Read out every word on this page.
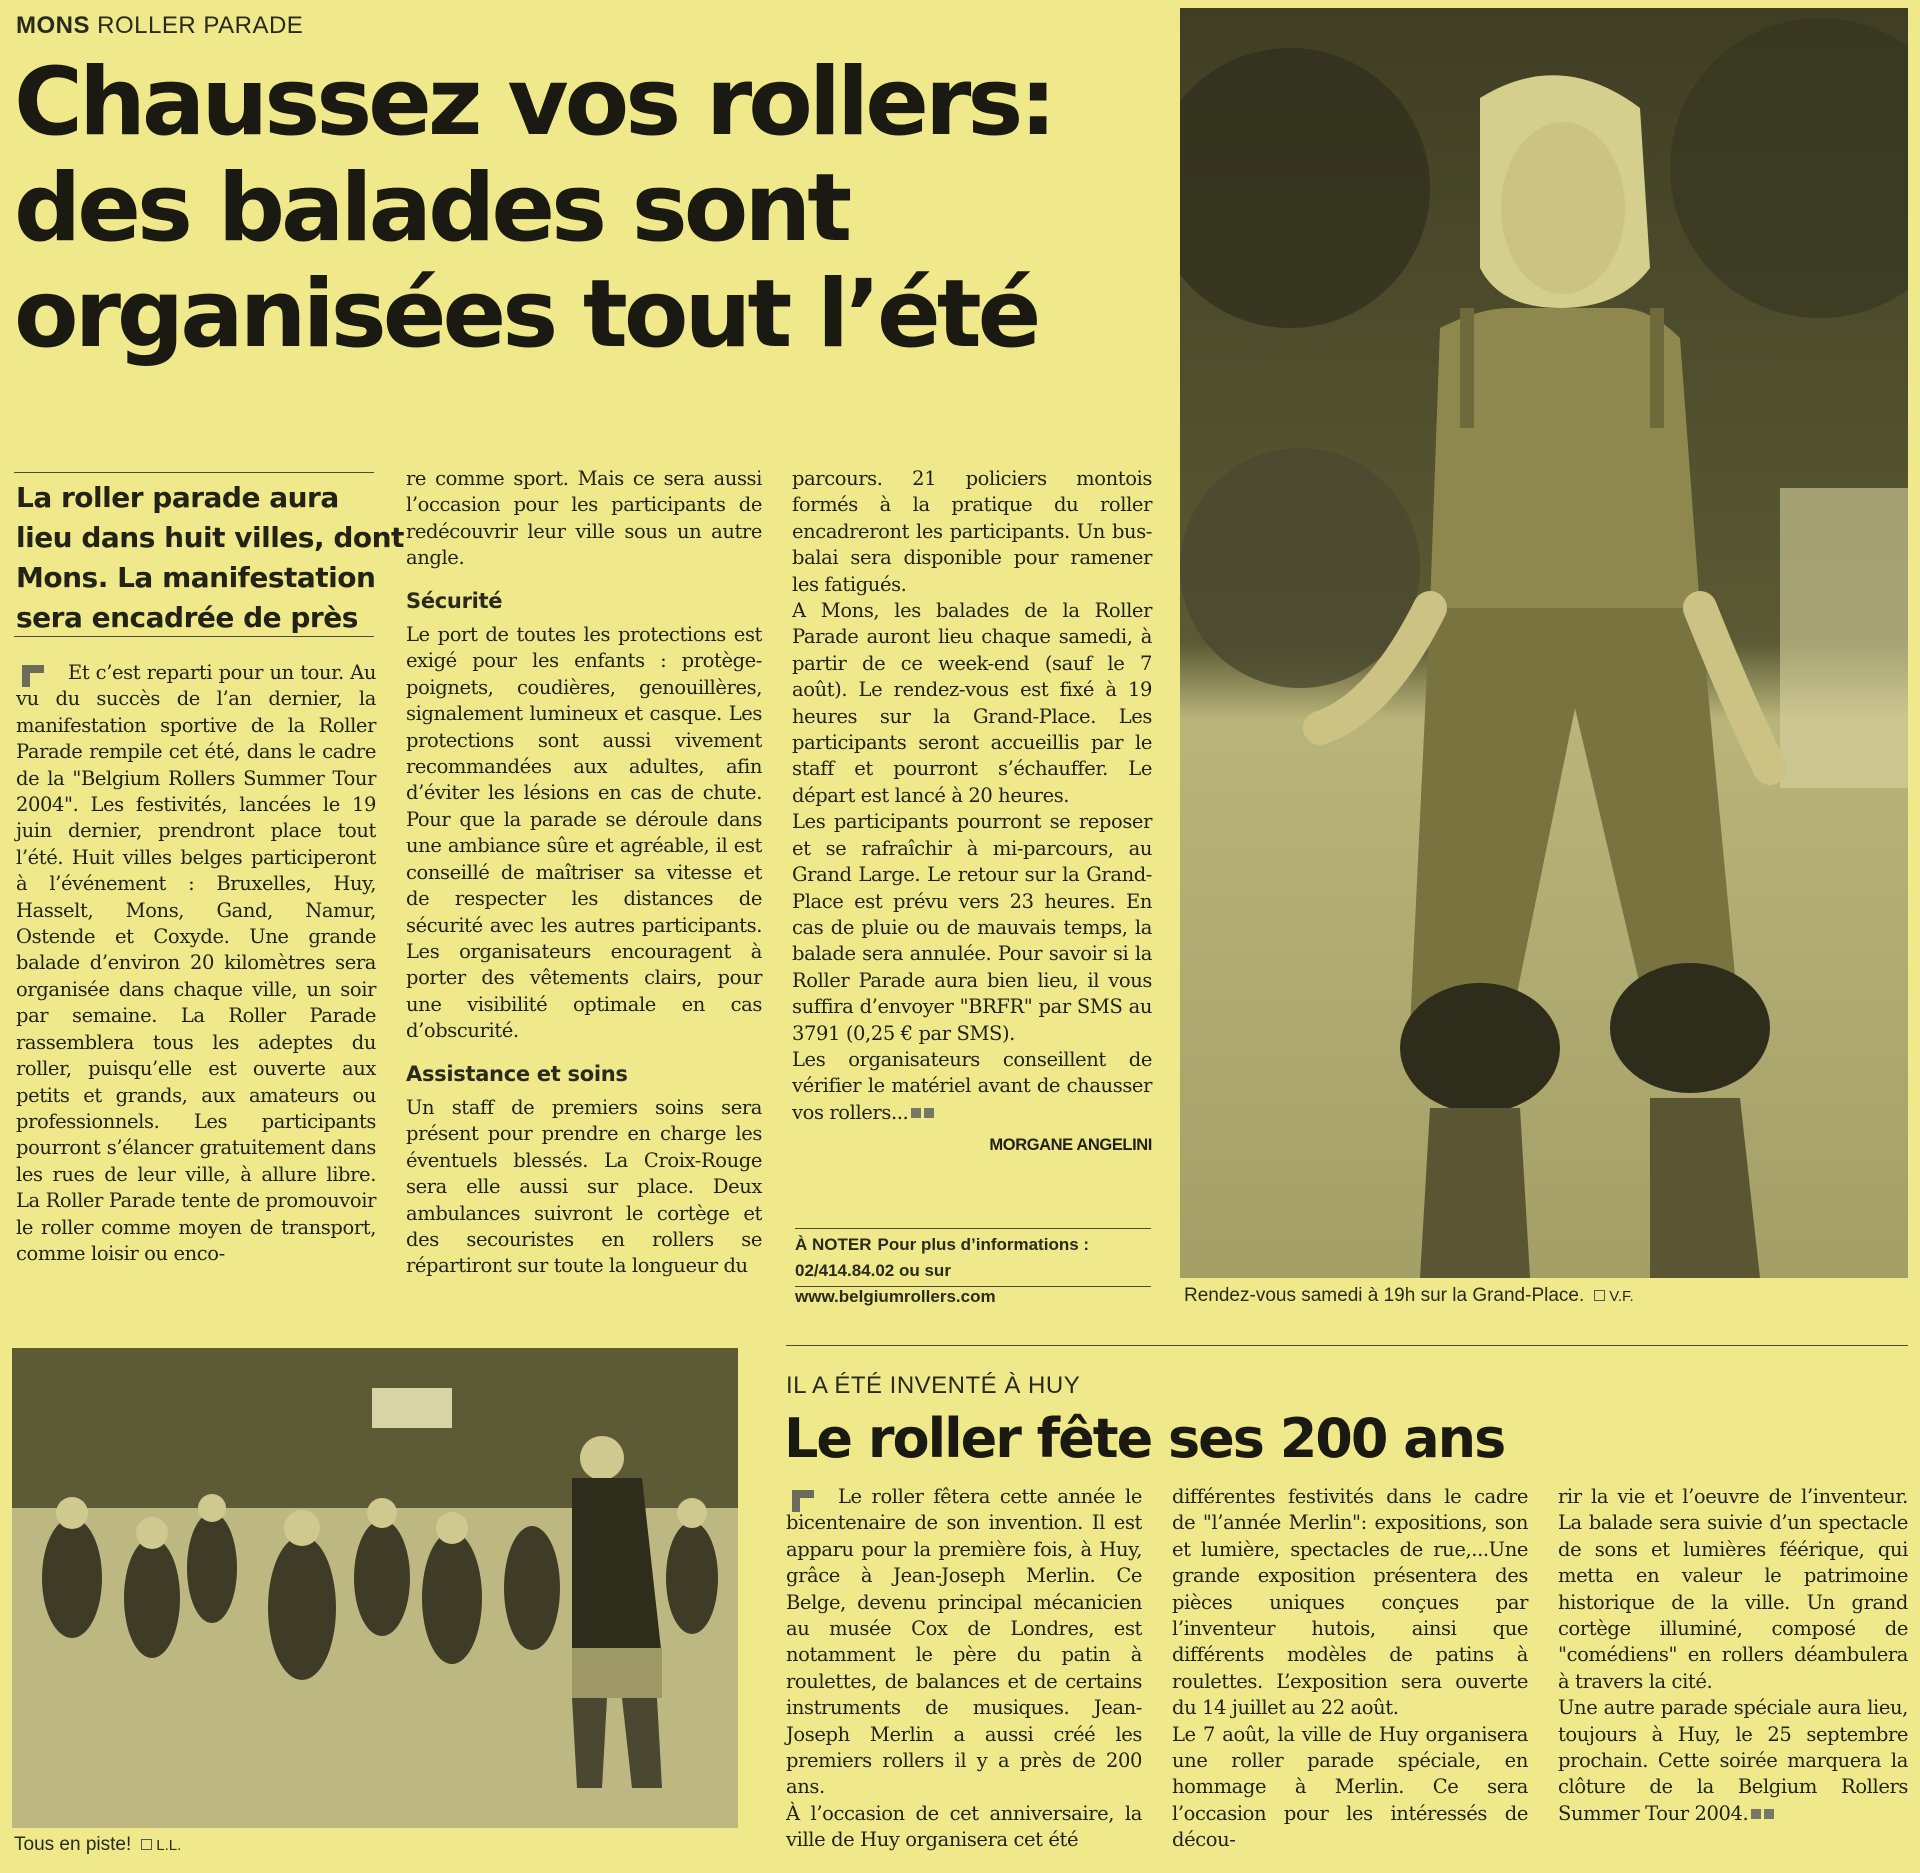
MONS ROLLER PARADE
Chaussez vos rollers:
des balades sont
organisées tout l’été
La roller parade aura
lieu dans huit villes, dont
Mons. La manifestation
sera encadrée de près

Et c’est reparti pour un tour. Au vu du succès de l’an dernier, la manifestation sportive de la Roller Parade rempile cet été, dans le cadre de la "Belgium Rollers Summer Tour 2004". Les festivités, lancées le 19 juin dernier, prendront place tout l’été. Huit villes belges participeront à l’événement : Bruxelles, Huy, Hasselt, Mons, Gand, Namur, Ostende et Coxyde. Une grande balade d’environ 20 kilomètres sera organisée dans chaque ville, un soir par semaine. La Roller Parade rassemblera tous les adeptes du roller, puisqu’elle est ouverte aux petits et grands, aux amateurs ou professionnels. Les participants pourront s’élancer gratuitement dans les rues de leur ville, à allure libre. La Roller Parade tente de promouvoir le roller comme moyen de transport, comme loisir ou enco-

re comme sport. Mais ce sera aussi l’occasion pour les participants de redécouvrir leur ville sous un autre angle.

Sécurité

Le port de toutes les protections est exigé pour les enfants : protège-poignets, coudières, genouillères, signalement lumineux et casque. Les protections sont aussi vivement recommandées aux adultes, afin d’éviter les lésions en cas de chute. Pour que la parade se déroule dans une ambiance sûre et agréable, il est conseillé de maîtriser sa vitesse et de respecter les distances de sécurité avec les autres participants. Les organisateurs encouragent à porter des vêtements clairs, pour une visibilité optimale en cas d’obscurité.

Assistance et soins

Un staff de premiers soins sera présent pour prendre en charge les éventuels blessés. La Croix-Rouge sera elle aussi sur place. Deux ambulances suivront le cortège et des secouristes en rollers se répartiront sur toute la longueur du

parcours. 21 policiers montois formés à la pratique du roller encadreront les participants. Un bus-balai sera disponible pour ramener les fatigués.

A Mons, les balades de la Roller Parade auront lieu chaque samedi, à partir de ce week-end (sauf le 7 août). Le rendez-vous est fixé à 19 heures sur la Grand-Place. Les participants seront accueillis par le staff et pourront s’échauffer. Le départ est lancé à 20 heures.

Les participants pourront se reposer et se rafraîchir à mi-parcours, au Grand Large. Le retour sur la Grand-Place est prévu vers 23 heures. En cas de pluie ou de mauvais temps, la balade sera annulée. Pour savoir si la Roller Parade aura bien lieu, il vous suffira d’envoyer "BRFR" par SMS au 3791 (0,25 € par SMS).

Les organisateurs conseillent de vérifier le matériel avant de chausser vos rollers...

MORGANE ANGELINI
À NOTER Pour plus d’informations :
02/414.84.02 ou sur
www.belgiumrollers.com	Rendez-vous samedi à 19h sur la Grand-Place. V.F.
Tous en piste! L.L.
IL A ÉTÉ INVENTÉ À HUY
Le roller fête ses 200 ans

Le roller fêtera cette année le bicentenaire de son invention. Il est apparu pour la première fois, à Huy, grâce à Jean-Joseph Merlin. Ce Belge, devenu principal mécanicien au musée Cox de Londres, est notamment le père du patin à roulettes, de balances et de certains instruments de musiques. Jean-Joseph Merlin a aussi créé les premiers rollers il y a près de 200 ans.

À l’occasion de cet anniversaire, la ville de Huy organisera cet été

différentes festivités dans le cadre de "l’année Merlin": expositions, son et lumière, spectacles de rue,...Une grande exposition présentera des pièces uniques conçues par l’inventeur hutois, ainsi que différents modèles de patins à roulettes. L’exposition sera ouverte du 14 juillet au 22 août.

Le 7 août, la ville de Huy organisera une roller parade spéciale, en hommage à Merlin. Ce sera l’occasion pour les intéressés de décou-

rir la vie et l’oeuvre de l’inventeur. La balade sera suivie d’un spectacle de sons et lumières féérique, qui metta en valeur le patrimoine historique de la ville. Un grand cortège illuminé, composé de "comédiens" en rollers déambulera à travers la cité.

Une autre parade spéciale aura lieu, toujours à Huy, le 25 septembre prochain. Cette soirée marquera la clôture de la Belgium Rollers Summer Tour 2004.
